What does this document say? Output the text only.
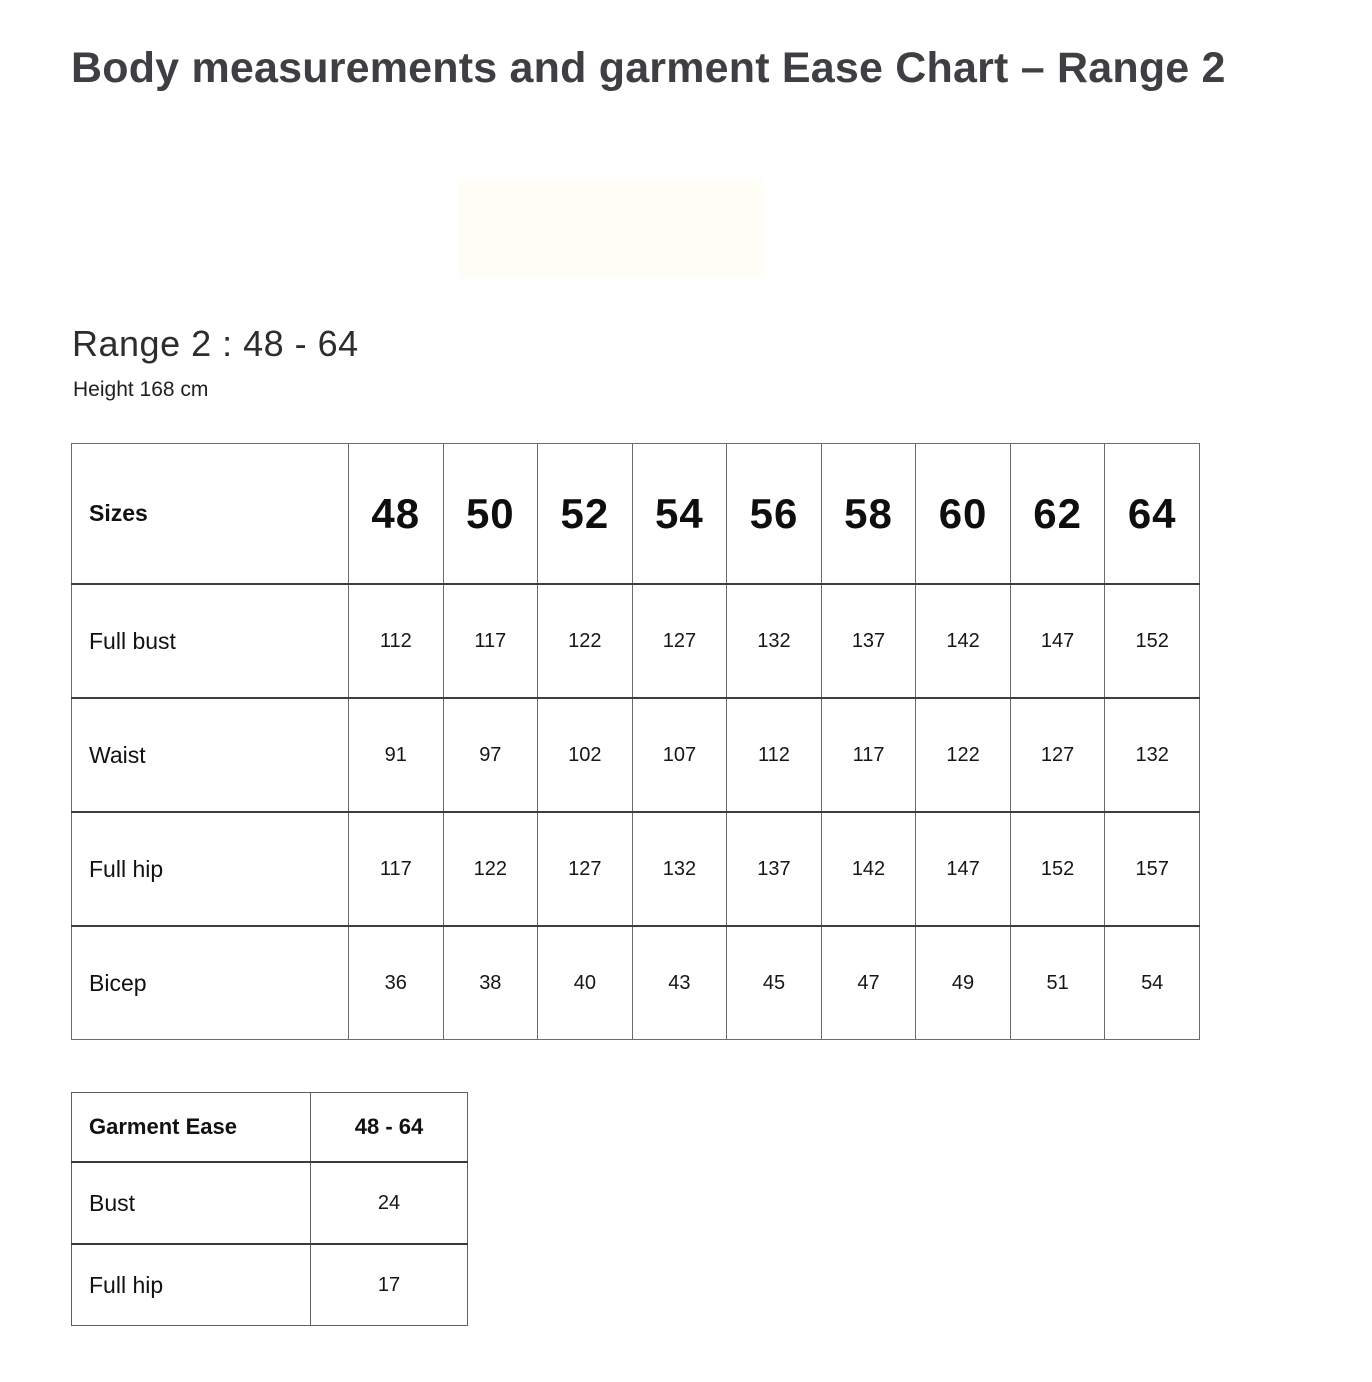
Body measurements and garment Ease Chart – Range 2
Range 2 : 48 - 64
Height 168 cm
Sizes	48	50	52	54	56	58	60	62	64
Full bust	112	117	122	127	132	137	142	147	152
Waist	91	97	102	107	112	117	122	127	132
Full hip	117	122	127	132	137	142	147	152	157
Bicep	36	38	40	43	45	47	49	51	54
Garment Ease	48 - 64
Bust	24
Full hip	17
